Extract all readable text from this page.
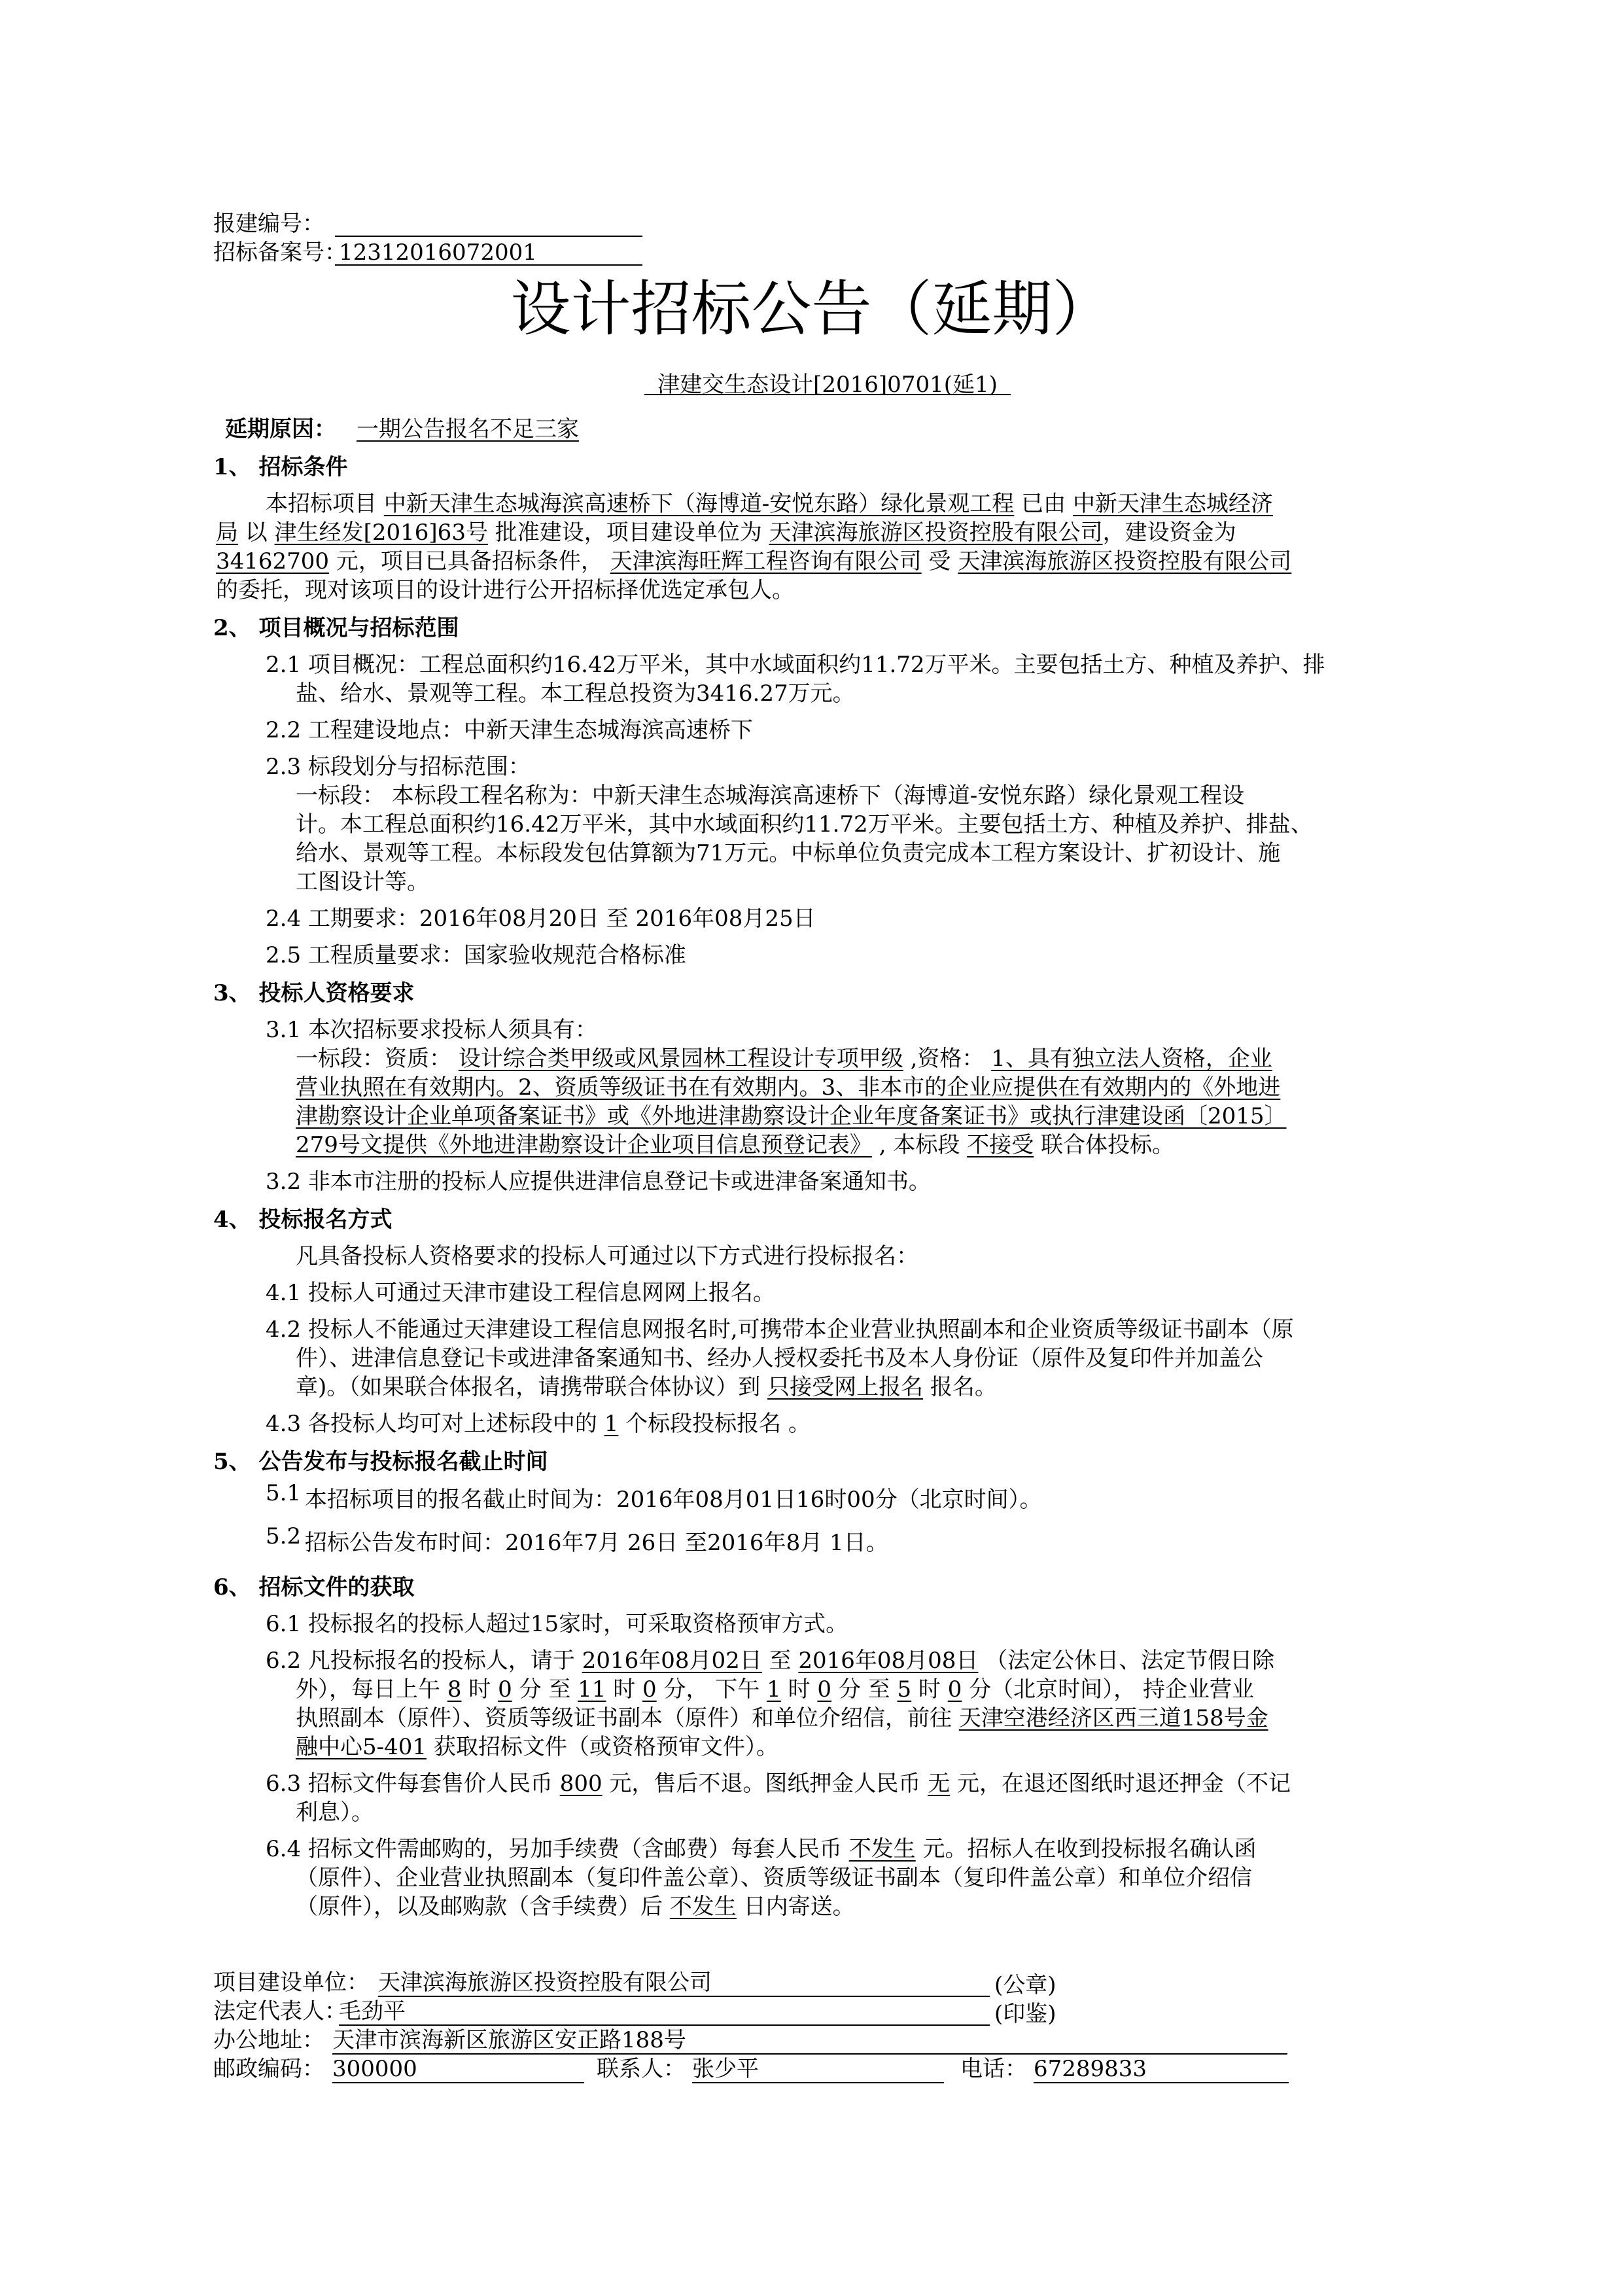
报建编号：
招标备案号：
12312016072001
设计招标公告（延期）
津建交生态设计[2016]0701(延1)
延期原因： 一期公告报名不足三家
1、 招标条件
本招标项目 中新天津生态城海滨高速桥下（海博道-安悦东路）绿化景观工程 已由 中新天津生态城经济
局 以 津生经发[2016]63号 批准建设，项目建设单位为 天津滨海旅游区投资控股有限公司，建设资金为
34162700 元，项目已具备招标条件， 天津滨海旺辉工程咨询有限公司 受 天津滨海旅游区投资控股有限公司
的委托，现对该项目的设计进行公开招标择优选定承包人。
2、 项目概况与招标范围
2.1 项目概况：工程总面积约16.42万平米，其中水域面积约11.72万平米。主要包括土方、种植及养护、排
盐、给水、景观等工程。本工程总投资为3416.27万元。
2.2 工程建设地点：中新天津生态城海滨高速桥下
2.3 标段划分与招标范围：
一标段： 本标段工程名称为：中新天津生态城海滨高速桥下（海博道-安悦东路）绿化景观工程设
计。本工程总面积约16.42万平米，其中水域面积约11.72万平米。主要包括土方、种植及养护、排盐、
给水、景观等工程。本标段发包估算额为71万元。中标单位负责完成本工程方案设计、扩初设计、施
工图设计等。
2.4 工期要求：2016年08月20日 至 2016年08月25日
2.5 工程质量要求：国家验收规范合格标准
3、 投标人资格要求
3.1 本次招标要求投标人须具有：
一标段：资质： 设计综合类甲级或风景园林工程设计专项甲级 ,资格： 1、具有独立法人资格，企业
营业执照在有效期内。2、资质等级证书在有效期内。3、非本市的企业应提供在有效期内的《外地进
津勘察设计企业单项备案证书》或《外地进津勘察设计企业年度备案证书》或执行津建设函〔2015〕
279号文提供《外地进津勘察设计企业项目信息预登记表》 , 本标段 不接受 联合体投标。
3.2 非本市注册的投标人应提供进津信息登记卡或进津备案通知书。
4、 投标报名方式
凡具备投标人资格要求的投标人可通过以下方式进行投标报名：
4.1 投标人可通过天津市建设工程信息网网上报名。
4.2 投标人不能通过天津建设工程信息网报名时,可携带本企业营业执照副本和企业资质等级证书副本（原
件）、进津信息登记卡或进津备案通知书、经办人授权委托书及本人身份证（原件及复印件并加盖公
章)。（如果联合体报名，请携带联合体协议）到 只接受网上报名 报名。
4.3 各投标人均可对上述标段中的 1 个标段投标报名 。
5、 公告发布与投标报名截止时间
5.1 本招标项目的报名截止时间为：2016年08月01日16时00分（北京时间）。
5.2 招标公告发布时间：2016年7月 26日 至2016年8月 1日。
6、 招标文件的获取
6.1 投标报名的投标人超过15家时，可采取资格预审方式。
6.2 凡投标报名的投标人，请于 2016年08月02日 至 2016年08月08日 （法定公休日、法定节假日除
外），每日上午 8 时 0 分 至 11 时 0 分， 下午 1 时 0 分 至 5 时 0 分（北京时间）， 持企业营业
执照副本（原件）、资质等级证书副本（原件）和单位介绍信，前往 天津空港经济区西三道158号金
融中心5-401 获取招标文件（或资格预审文件）。
6.3 招标文件每套售价人民币 800 元，售后不退。图纸押金人民币 无 元，在退还图纸时退还押金（不记
利息）。
6.4 招标文件需邮购的，另加手续费（含邮费）每套人民币 不发生 元。招标人在收到投标报名确认函
（原件）、企业营业执照副本（复印件盖公章）、资质等级证书副本（复印件盖公章）和单位介绍信
（原件），以及邮购款（含手续费）后 不发生 日内寄送。
项目建设单位： 天津滨海旅游区投资控股有限公司	(公章)
法定代表人：
毛劲平	(印鉴)
办公地址： 天津市滨海新区旅游区安正路188号
邮政编码： 300000	联系人： 张少平	电话： 67289833
